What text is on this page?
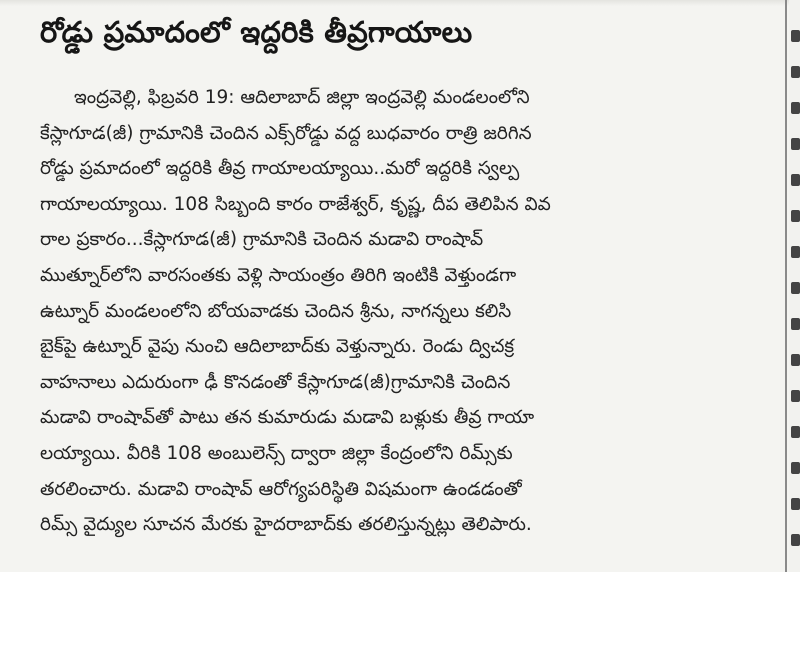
రోడ్డు ప్రమాదంలో ఇద్దరికి తీవ్రగాయాలు
ఇంద్రవెల్లి, ఫిబ్రవరి 19: ఆదిలాబాద్ జిల్లా ఇంద్రవెల్లి మండలంలోని
కేస్లాగూడ(జీ) గ్రామానికి చెందిన ఎక్స్‌రోడ్డు వద్ద బుధవారం రాత్రి జరిగిన
రోడ్డు ప్రమాదంలో ఇద్దరికి తీవ్ర గాయాలయ్యాయి..మరో ఇద్దరికి స్వల్ప
గాయాలయ్యాయి. 108 సిబ్బంది కారం రాజేశ్వర్, కృష్ణ, దీప తెలిపిన వివ
రాల ప్రకారం...కేస్లాగూడ(జీ) గ్రామానికి చెందిన మడావి రాంషావ్
ముత్నూర్‌లోని వారసంతకు వెళ్లి సాయంత్రం తిరిగి ఇంటికి వెళ్తుండగా
ఉట్నూర్ మండలంలోని బోయవాడకు చెందిన శ్రీను, నాగన్నలు కలిసి
బైక్‌పై ఉట్నూర్ వైపు నుంచి ఆదిలాబాద్‌కు వెళ్తున్నారు. రెండు ద్విచక్ర
వాహనాలు ఎదురుంగా ఢీ కొనడంతో కేస్లాగూడ(జీ)గ్రామానికి చెందిన
మడావి రాంషావ్‌తో పాటు తన కుమారుడు మడావి బళ్లుకు తీవ్ర గాయా
లయ్యాయి. వీరికి 108 అంబులెన్స్ ద్వారా జిల్లా కేంద్రంలోని రిమ్స్‌కు
తరలించారు. మడావి రాంషావ్ ఆరోగ్యపరిస్థితి విషమంగా ఉండడంతో
రిమ్స్ వైద్యుల సూచన మేరకు హైదరాబాద్‌కు తరలిస్తున్నట్లు తెలిపారు.
